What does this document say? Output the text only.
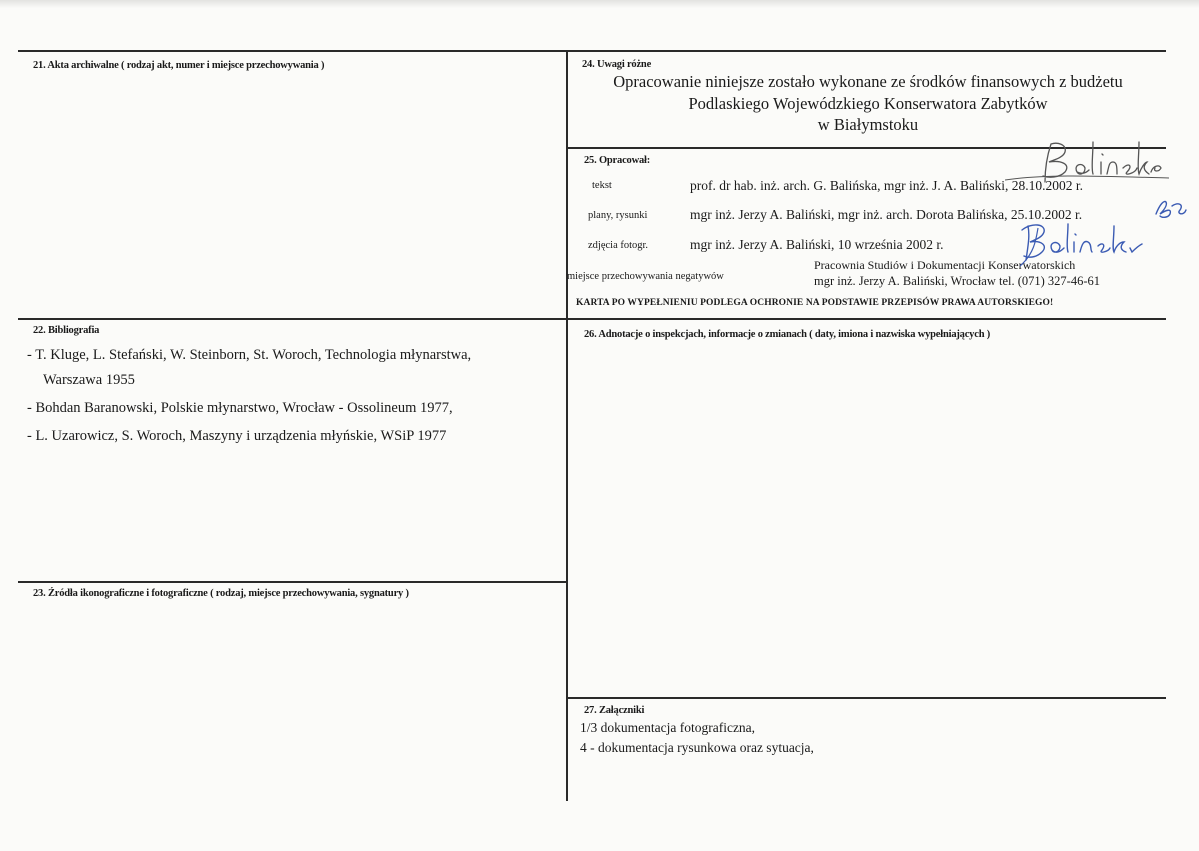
21. Akta archiwalne ( rodzaj akt, numer i miejsce przechowywania )
22. Bibliografia
- T. Kluge, L. Stefański, W. Steinborn, St. Woroch, Technologia młynarstwa,
Warszawa 1955
- Bohdan Baranowski, Polskie młynarstwo, Wrocław - Ossolineum 1977,
- L. Uzarowicz, S. Woroch, Maszyny i urządzenia młyńskie, WSiP 1977
23. Źródła ikonograficzne i fotograficzne ( rodzaj, miejsce przechowywania, sygnatury )
24. Uwagi różne
Opracowanie niniejsze zostało wykonane ze środków finansowych z budżetu
Podlaskiego Wojewódzkiego Konserwatora Zabytków
w Białymstoku
25. Opracował:
tekst	prof. dr hab. inż. arch. G. Balińska, mgr inż. J. A. Baliński, 28.10.2002 r.
plany, rysunki	mgr inż. Jerzy A. Baliński, mgr inż. arch. Dorota Balińska, 25.10.2002 r.
zdjęcia fotogr.	mgr inż. Jerzy A. Baliński, 10 września 2002 r.
miejsce przechowywania negatywów
Pracownia Studiów i Dokumentacji Konserwatorskich
mgr inż. Jerzy A. Baliński, Wrocław tel. (071) 327-46-61
KARTA PO WYPEŁNIENIU PODLEGA OCHRONIE NA PODSTAWIE PRZEPISÓW PRAWA AUTORSKIEGO!
26. Adnotacje o inspekcjach, informacje o zmianach ( daty, imiona i nazwiska wypełniających )
27. Załączniki
1/3 dokumentacja fotograficzna,
4 - dokumentacja rysunkowa oraz sytuacja,
